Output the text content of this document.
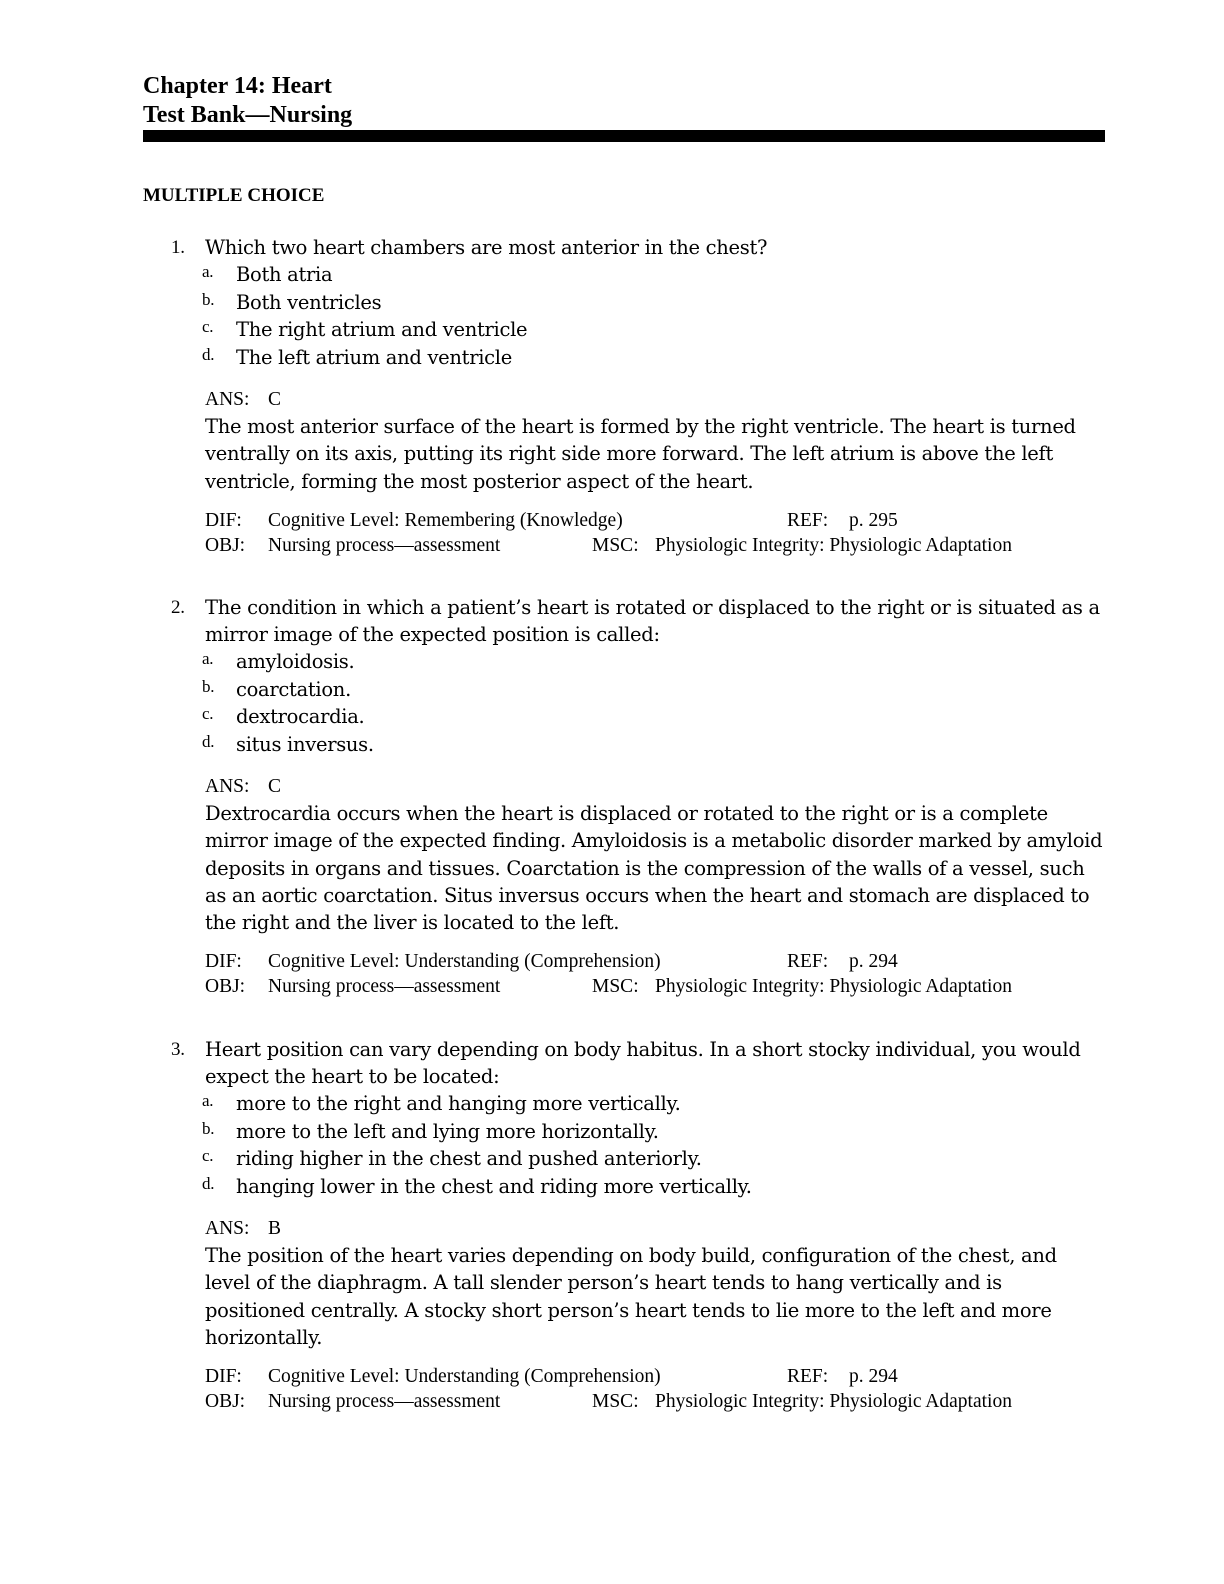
Chapter 14: Heart
Test Bank—Nursing
MULTIPLE CHOICE
1. Which two heart chambers are most anterior in the chest?
a. Both atria
b. Both ventricles
c. The right atrium and ventricle
d. The left atrium and ventricle
ANS: C
The most anterior surface of the heart is formed by the right ventricle. The heart is turned ventrally on its axis, putting its right side more forward. The left atrium is above the left ventricle, forming the most posterior aspect of the heart.
DIF: Cognitive Level: Remembering (Knowledge)	REF: p. 295
OBJ: Nursing process—assessment	MSC: Physiologic Integrity: Physiologic Adaptation
2. The condition in which a patient’s heart is rotated or displaced to the right or is situated as a mirror image of the expected position is called:
a. amyloidosis.
b. coarctation.
c. dextrocardia.
d. situs inversus.
ANS: C
Dextrocardia occurs when the heart is displaced or rotated to the right or is a complete mirror image of the expected finding. Amyloidosis is a metabolic disorder marked by amyloid deposits in organs and tissues. Coarctation is the compression of the walls of a vessel, such as an aortic coarctation. Situs inversus occurs when the heart and stomach are displaced to the right and the liver is located to the left.
DIF: Cognitive Level: Understanding (Comprehension)	REF: p. 294
OBJ: Nursing process—assessment	MSC: Physiologic Integrity: Physiologic Adaptation
3. Heart position can vary depending on body habitus. In a short stocky individual, you would expect the heart to be located:
a. more to the right and hanging more vertically.
b. more to the left and lying more horizontally.
c. riding higher in the chest and pushed anteriorly.
d. hanging lower in the chest and riding more vertically.
ANS: B
The position of the heart varies depending on body build, configuration of the chest, and level of the diaphragm. A tall slender person’s heart tends to hang vertically and is positioned centrally. A stocky short person’s heart tends to lie more to the left and more horizontally.
DIF: Cognitive Level: Understanding (Comprehension)	REF: p. 294
OBJ: Nursing process—assessment	MSC: Physiologic Integrity: Physiologic Adaptation
